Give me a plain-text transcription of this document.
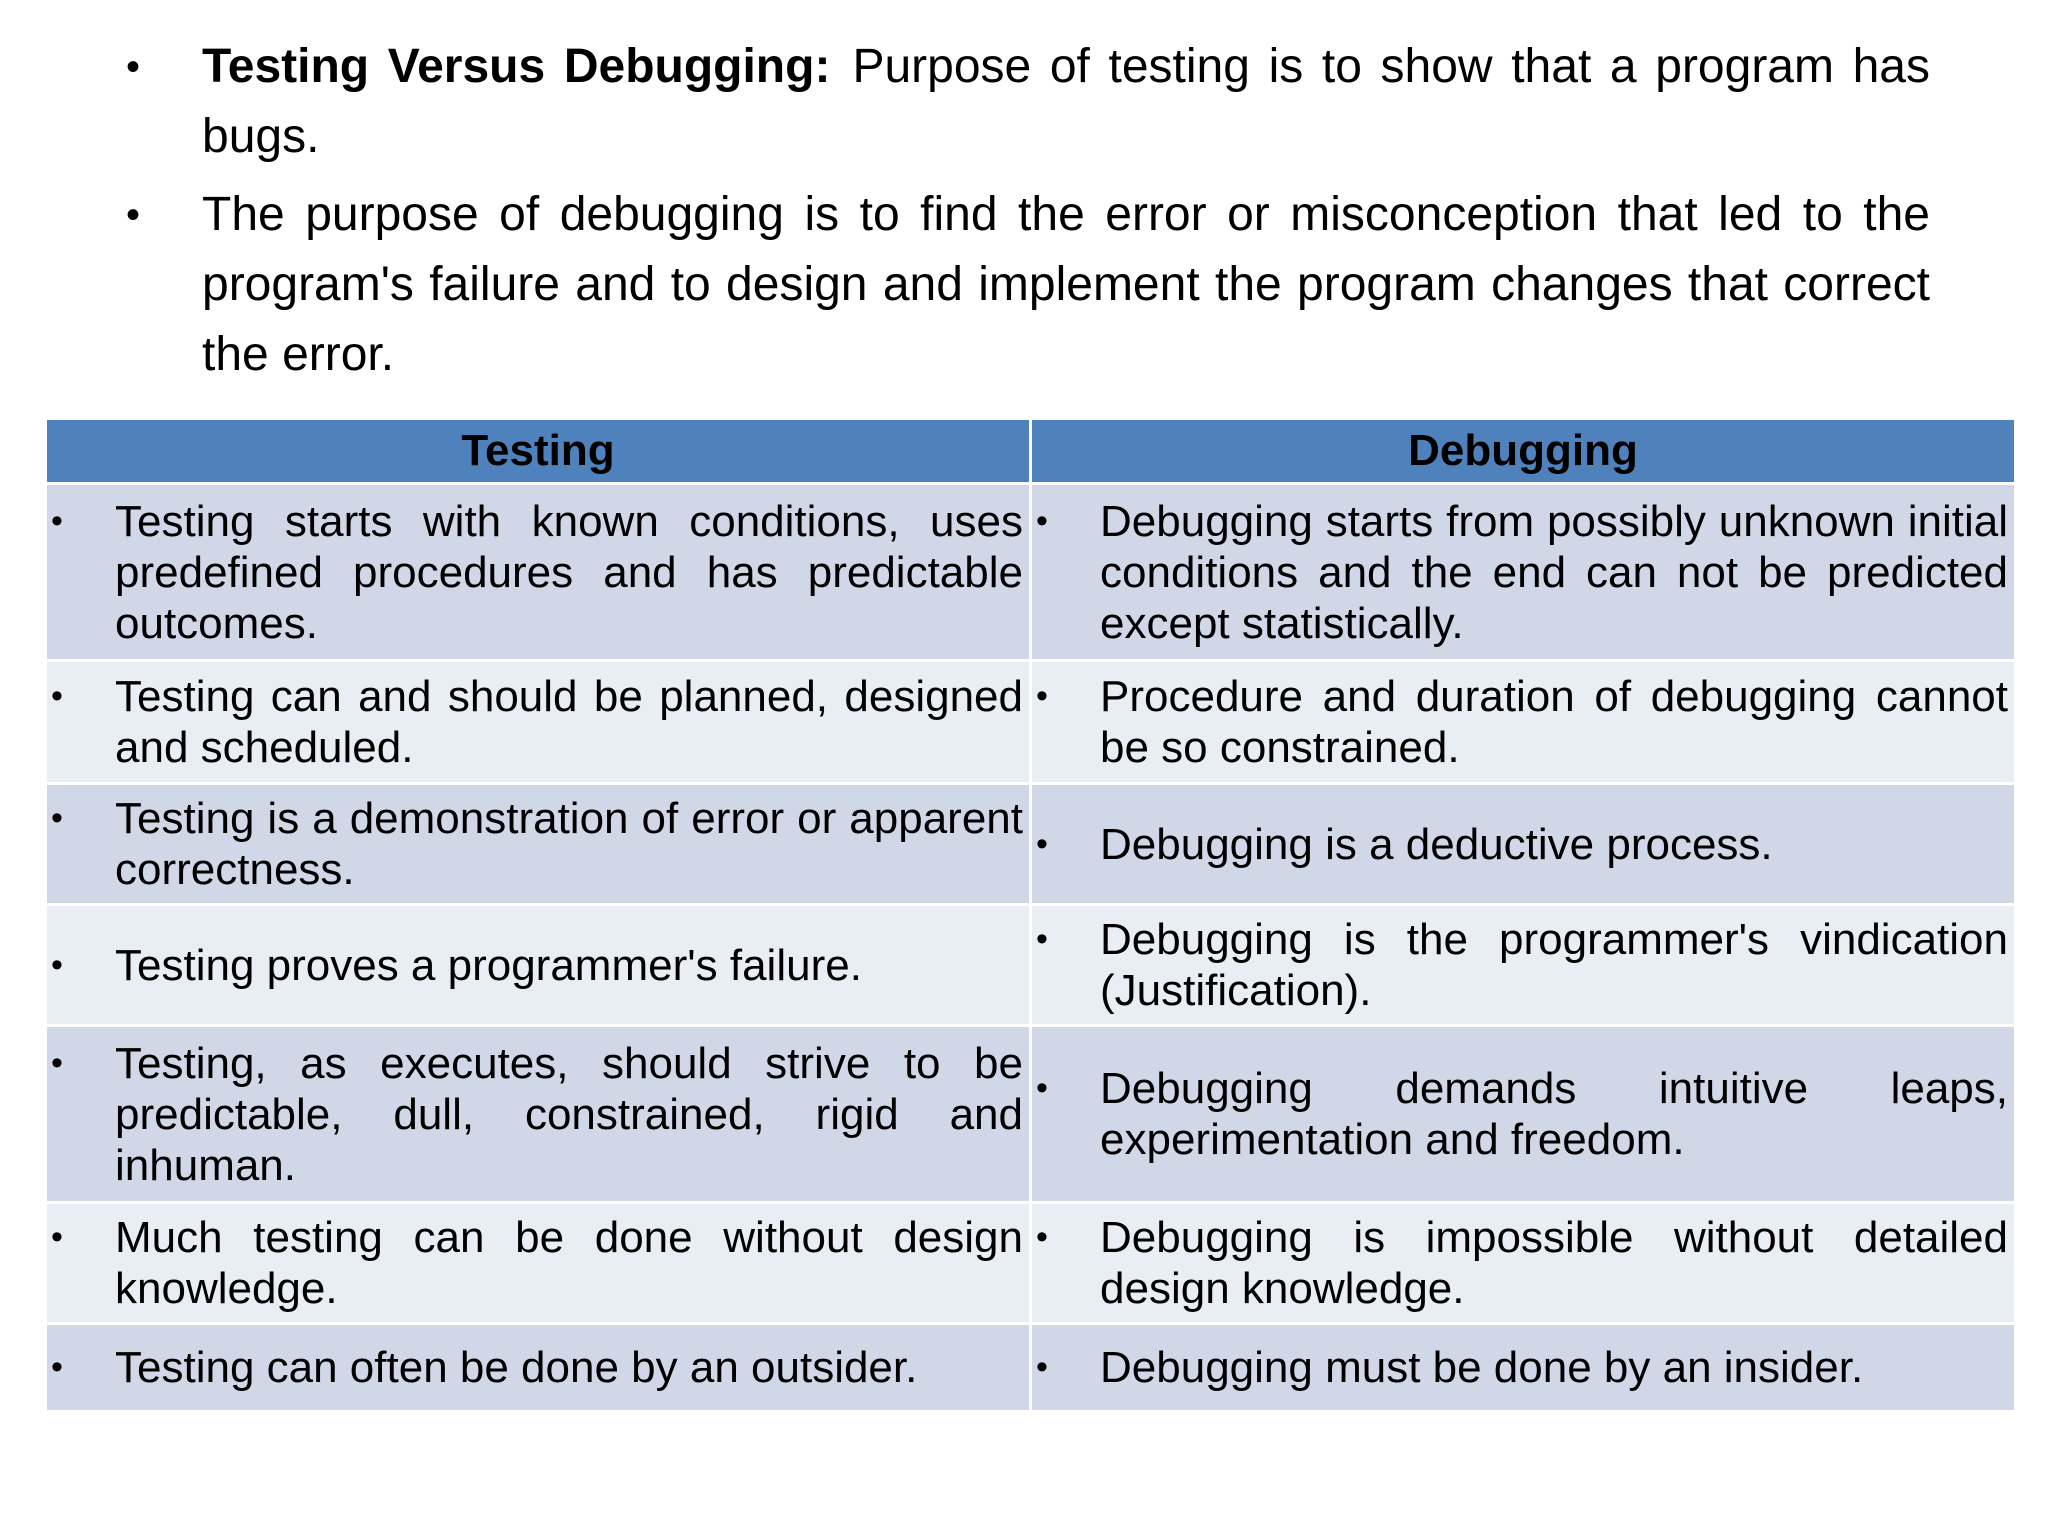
• Testing Versus Debugging: Purpose of testing is to show that a program has bugs.
• The purpose of debugging is to find the error or misconception that led to the program's failure and to design and implement the program changes that correct the error.
Testing	Debugging

• Testing starts with known conditions, uses predefined procedures and has predictable outcomes.	• Debugging starts from possibly unknown initial conditions and the end can not be predicted except statistically.

• Testing can and should be planned, designed and scheduled.	• Procedure and duration of debugging cannot be so constrained.

• Testing is a demonstration of error or apparent correctness.	• Debugging is a deductive process.

• Testing proves a programmer's failure.	• Debugging is the programmer's vindication (Justification).

• Testing, as executes, should strive to be predictable, dull, constrained, rigid and inhuman.	• Debugging demands intuitive leaps, experimentation and freedom.

• Much testing can be done without design knowledge.	• Debugging is impossible without detailed design knowledge.

• Testing can often be done by an outsider.	• Debugging must be done by an insider.
